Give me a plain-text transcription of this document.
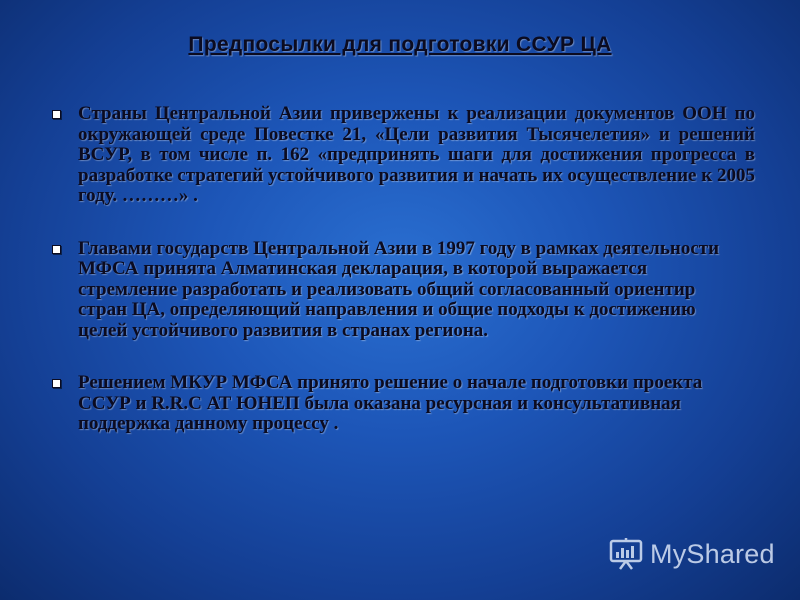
Предпосылки для подготовки ССУР ЦА
Страны Центральной Азии привержены к реализации документов ООН по окружающей среде Повестке 21, «Цели развития Тысячелетия» и решений ВСУР, в том числе п. 162 «предпринять шаги для достижения прогресса в разработке стратегий устойчивого развития и начать их осуществление к 2005 году. ………» .
Главами государств Центральной Азии в 1997 году в рамках деятельности МФСА принята Алматинская декларация, в которой выражается стремление разработать и реализовать общий согласованный ориентир стран ЦА, определяющий направления и общие подходы к достижению целей устойчивого развития в странах региона.
Решением МКУР МФСА принято решение о начале подготовки проекта ССУР и R.R.C АТ ЮНЕП была оказана ресурсная и консультативная поддержка данному процессу .
MyShared
